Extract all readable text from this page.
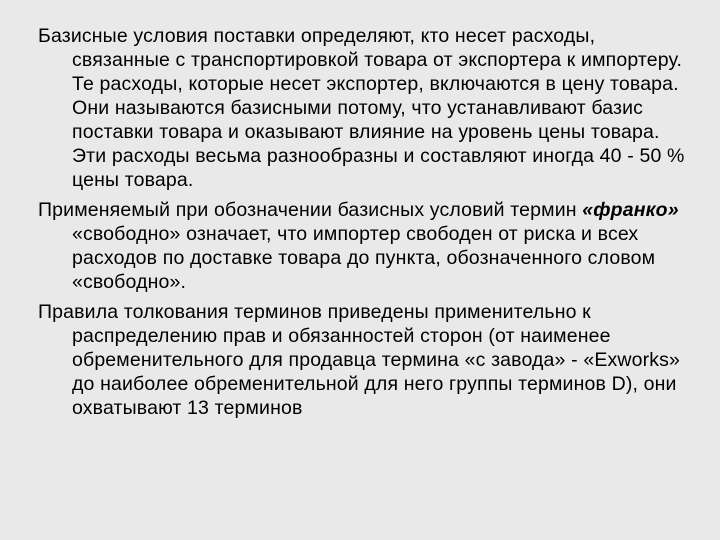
Базисные условия поставки определяют, кто несет расходы, связанные с транспортировкой товара от экспортера к импортеру. Те расходы, которые несет экспортер, включаются в цену товара. Они называются базисными потому, что устанавливают базис поставки товара и оказывают влияние на уровень цены товара. Эти расходы весьма разнообразны и составляют иногда 40 - 50 % цены товара.

Применяемый при обозначении базисных условий термин «франко» «свободно» означает, что импортер свободен от риска и всех расходов по доставке товара до пункта, обозначенного словом «свободно».

Правила толкования терминов приведены применительно к распределению прав и обязанностей сторон (от наименее обременительного для продавца термина «с завода» - «Exworks» до наиболее обременительной для него группы терминов D), они охватывают 13 терминов
